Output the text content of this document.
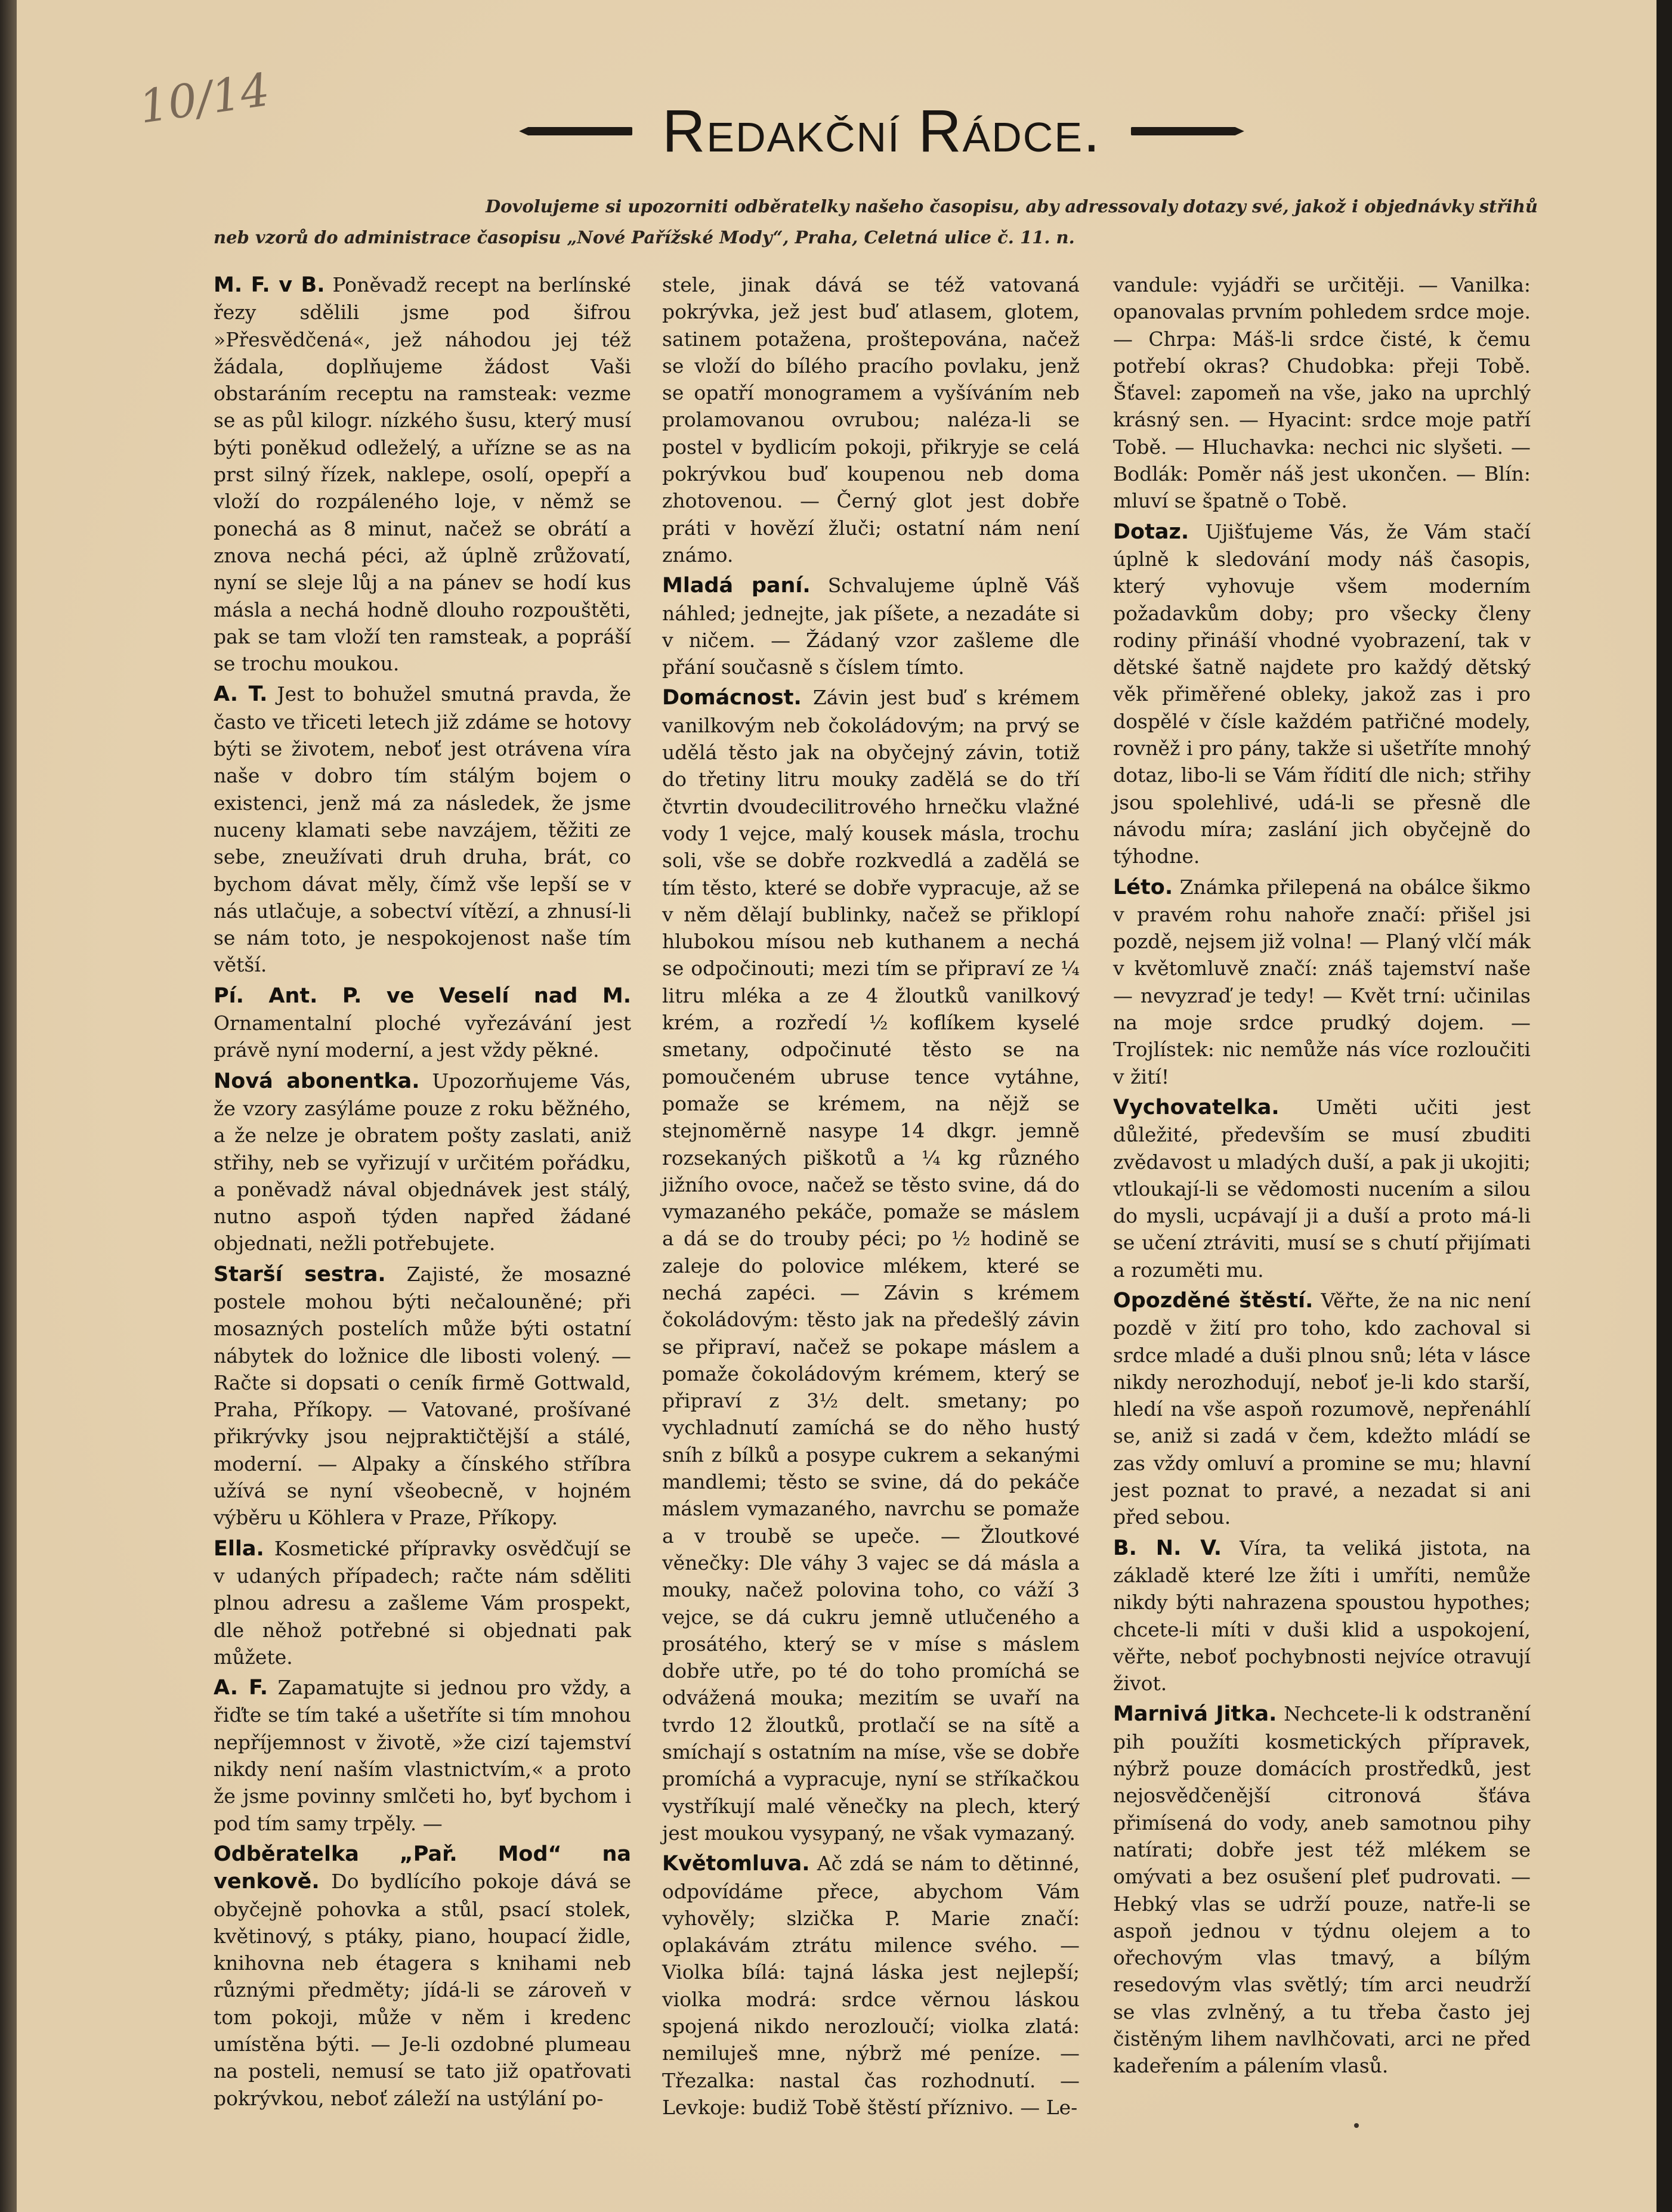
10/14	Redakční Rádce.
Dovolujeme si upozorniti odběratelky našeho časopisu, aby adressovaly dotazy své, jakož i objednávky střihů
neb vzorů do administrace časopisu „Nové Pařížské Mody“, Praha, Celetná ulice č. 11. n.

M. F. v B. Poněvadž recept na berlínské řezy sdělili jsme pod šifrou »Přesvědčená«, jež náhodou jej též žádala, doplňujeme žádost Vaši obstaráním receptu na ramsteak: vezme se as půl kilogr. nízkého šusu, který musí býti poněkud odleželý, a uřízne se as na prst silný řízek, naklepe, osolí, opepří a vloží do rozpáleného loje, v němž se ponechá as 8 minut, načež se obrátí a znova nechá péci, až úplně zrůžovatí, nyní se sleje lůj a na pánev se hodí kus másla a nechá hodně dlouho rozpouštěti, pak se tam vloží ten ramsteak, a popráší se trochu moukou.

A. T. Jest to bohužel smutná pravda, že často ve třiceti letech již zdáme se hotovy býti se životem, neboť jest otrávena víra naše v dobro tím stálým bojem o existenci, jenž má za následek, že jsme nuceny klamati sebe navzájem, těžiti ze sebe, zneužívati druh druha, brát, co bychom dávat měly, čímž vše lepší se v nás utlačuje, a sobectví vítězí, a zhnusí-li se nám toto, je nespokojenost naše tím větší.

Pí. Ant. P. ve Veselí nad M. Ornamentalní ploché vyřezávání jest právě nyní moderní, a jest vždy pěkné.

Nová abonentka. Upozorňujeme Vás, že vzory zasýláme pouze z roku běžného, a že nelze je obratem pošty zaslati, aniž střihy, neb se vyřizují v určitém pořádku, a poněvadž nával objednávek jest stálý, nutno aspoň týden napřed žádané objednati, nežli potřebujete.

Starší sestra. Zajisté, že mosazné postele mohou býti nečalouněné; při mosazných postelích může býti ostatní nábytek do ložnice dle libosti volený. — Račte si dopsati o ceník firmě Gottwald, Praha, Příkopy. — Vatované, prošívané přikrývky jsou nejpraktičtější a stálé, moderní. — Alpaky a čínského stříbra užívá se nyní všeobecně, v hojném výběru u Köhlera v Praze, Příkopy.

Ella. Kosmetické přípravky osvědčují se v udaných případech; račte nám sděliti plnou adresu a zašleme Vám prospekt, dle něhož potřebné si objednati pak můžete.

A. F. Zapamatujte si jednou pro vždy, a řiďte se tím také a ušetříte si tím mnohou nepříjemnost v životě, »že cizí tajemství nikdy není naším vlastnictvím,« a proto že jsme povinny smlčeti ho, byť bychom i pod tím samy trpěly. —

Odběratelka „Pař. Mod“ na venkově. Do bydlícího pokoje dává se obyčejně pohovka a stůl, psací stolek, květinový, s ptáky, piano, houpací židle, knihovna neb étagera s knihami neb různými předměty; jídá-li se zároveň v tom pokoji, může v něm i kredenc umístěna býti. — Je-li ozdobné plumeau na posteli, nemusí se tato již opatřovati pokrývkou, neboť záleží na ustýlání po-

stele, jinak dává se též vatovaná pokrývka, jež jest buď atlasem, glotem, satinem potažena, proštepována, načež se vloží do bílého pracího povlaku, jenž se opatří monogramem a vyšíváním neb prolamovanou ovrubou; naléza-li se postel v bydlicím pokoji, přikryje se celá pokrývkou buď koupenou neb doma zhotovenou. — Černý glot jest dobře práti v hovězí žluči; ostatní nám není známo.

Mladá paní. Schvalujeme úplně Váš náhled; jednejte, jak píšete, a nezadáte si v ničem. — Žádaný vzor zašleme dle přání současně s číslem tímto.

Domácnost. Závin jest buď s krémem vanilkovým neb čokoládovým; na prvý se udělá těsto jak na obyčejný závin, totiž do třetiny litru mouky zadělá se do tří čtvrtin dvoudecilitrového hrnečku vlažné vody 1 vejce, malý kousek másla, trochu soli, vše se dobře rozkvedlá a zadělá se tím těsto, které se dobře vypracuje, až se v něm dělají bublinky, načež se přiklopí hlubokou mísou neb kuthanem a nechá se odpočinouti; mezi tím se připraví ze ¼ litru mléka a ze 4 žloutků vanilkový krém, a rozředí ½ koflíkem kyselé smetany, odpočinuté těsto se na pomoučeném ubruse tence vytáhne, pomaže se krémem, na nějž se stejnoměrně nasype 14 dkgr. jemně rozsekaných piškotů a ¼ kg různého jižního ovoce, načež se těsto svine, dá do vymazaného pekáče, pomaže se máslem a dá se do trouby péci; po ½ hodině se zaleje do polovice mlékem, které se nechá zapéci. — Závin s krémem čokoládovým: těsto jak na předešlý závin se připraví, načež se pokape máslem a pomaže čokoládovým krémem, který se připraví z 3½ delt. smetany; po vychladnutí zamíchá se do něho hustý sníh z bílků a posype cukrem a sekanými mandlemi; těsto se svine, dá do pekáče máslem vymazaného, navrchu se pomaže a v troubě se upeče. — Žloutkové věnečky: Dle váhy 3 vajec se dá másla a mouky, načež polovina toho, co váží 3 vejce, se dá cukru jemně utlučeného a prosátého, který se v míse s máslem dobře utře, po té do toho promíchá se odvážená mouka; mezitím se uvaří na tvrdo 12 žloutků, protlačí se na sítě a smíchají s ostatním na míse, vše se dobře promíchá a vypracuje, nyní se stříkačkou vystříkují malé věnečky na plech, který jest moukou vysypaný, ne však vymazaný.

Květomluva. Ač zdá se nám to dětinné, odpovídáme přece, abychom Vám vyhověly; slzička P. Marie značí: oplakávám ztrátu milence svého. — Violka bílá: tajná láska jest nejlepší; violka modrá: srdce věrnou láskou spojená nikdo nerozloučí; violka zlatá: nemiluješ mne, nýbrž mé peníze. — Třezalka: nastal čas rozhodnutí. — Levkoje: budiž Tobě štěstí příznivo. — Le-

vandule: vyjádři se určitěji. — Vanilka: opanovalas prvním pohledem srdce moje. — Chrpa: Máš-li srdce čisté, k čemu potřebí okras? Chudobka: přeji Tobě. Šťavel: zapomeň na vše, jako na uprchlý krásný sen. — Hyacint: srdce moje patří Tobě. — Hluchavka: nechci nic slyšeti. — Bodlák: Poměr náš jest ukončen. — Blín: mluví se špatně o Tobě.

Dotaz. Ujišťujeme Vás, že Vám stačí úplně k sledování mody náš časopis, který vyhovuje všem moderním požadavkům doby; pro všecky členy rodiny přináší vhodné vyobrazení, tak v dětské šatně najdete pro každý dětský věk přiměřené obleky, jakož zas i pro dospělé v čísle každém patřičné modely, rovněž i pro pány, takže si ušetříte mnohý dotaz, libo-li se Vám řídití dle nich; střihy jsou spolehlivé, udá-li se přesně dle návodu míra; zaslání jich obyčejně do týhodne.

Léto. Známka přilepená na obálce šikmo v pravém rohu nahoře značí: přišel jsi pozdě, nejsem již volna! — Planý vlčí mák v květomluvě značí: znáš tajemství naše — nevyzraď je tedy! — Květ trní: učinilas na moje srdce prudký dojem. — Trojlístek: nic nemůže nás více rozloučiti v žití!

Vychovatelka. Uměti učiti jest důležité, především se musí zbuditi zvědavost u mladých duší, a pak ji ukojiti; vtloukají-li se vědomosti nucením a silou do mysli, ucpávají ji a duší a proto má-li se učení ztráviti, musí se s chutí přijímati a rozuměti mu.

Opozděné štěstí. Věřte, že na nic není pozdě v žití pro toho, kdo zachoval si srdce mladé a duši plnou snů; léta v lásce nikdy nerozhodují, neboť je-li kdo starší, hledí na vše aspoň rozumově, nepřenáhlí se, aniž si zadá v čem, kdežto mládí se zas vždy omluví a promine se mu; hlavní jest poznat to pravé, a nezadat si ani před sebou.

B. N. V. Víra, ta veliká jistota, na základě které lze žíti i umříti, nemůže nikdy býti nahrazena spoustou hypothes; chcete-li míti v duši klid a uspokojení, věřte, neboť pochybnosti nejvíce otravují život.

Marnivá Jitka. Nechcete-li k odstranění pih použíti kosmetických přípravek, nýbrž pouze domácích prostředků, jest nejosvědčenější citronová šťáva přimísená do vody, aneb samotnou pihy natírati; dobře jest též mlékem se omývati a bez osušení pleť pudrovati. — Hebký vlas se udrží pouze, natře-li se aspoň jednou v týdnu olejem a to ořechovým vlas tmavý, a bílým resedovým vlas světlý; tím arci neudrží se vlas zvlněný, a tu třeba často jej čistěným lihem navlhčovati, arci ne před kadeřením a pálením vlasů.
